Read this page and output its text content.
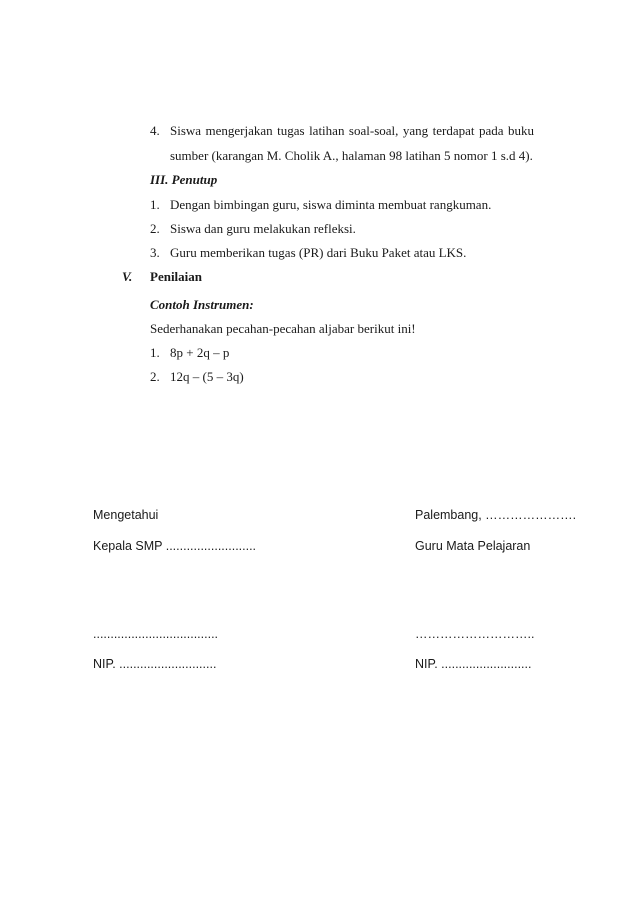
4. Siswa mengerjakan tugas latihan soal-soal, yang terdapat pada buku
sumber (karangan M. Cholik A., halaman 98 latihan 5 nomor 1 s.d 4).
III. Penutup
1. Dengan bimbingan guru, siswa diminta membuat rangkuman.
2. Siswa dan guru melakukan refleksi.
3. Guru memberikan tugas (PR) dari Buku Paket atau LKS.
V. Penilaian
Contoh Instrumen:
Sederhanakan pecahan-pecahan aljabar berikut ini!
1. 8p + 2q – p
2. 12q – (5 – 3q)
Mengetahui	Palembang, ………………….
Kepala SMP ..........................	Guru Mata Pelajaran
....................................	………………………..
NIP. ............................	NIP. ..........................
